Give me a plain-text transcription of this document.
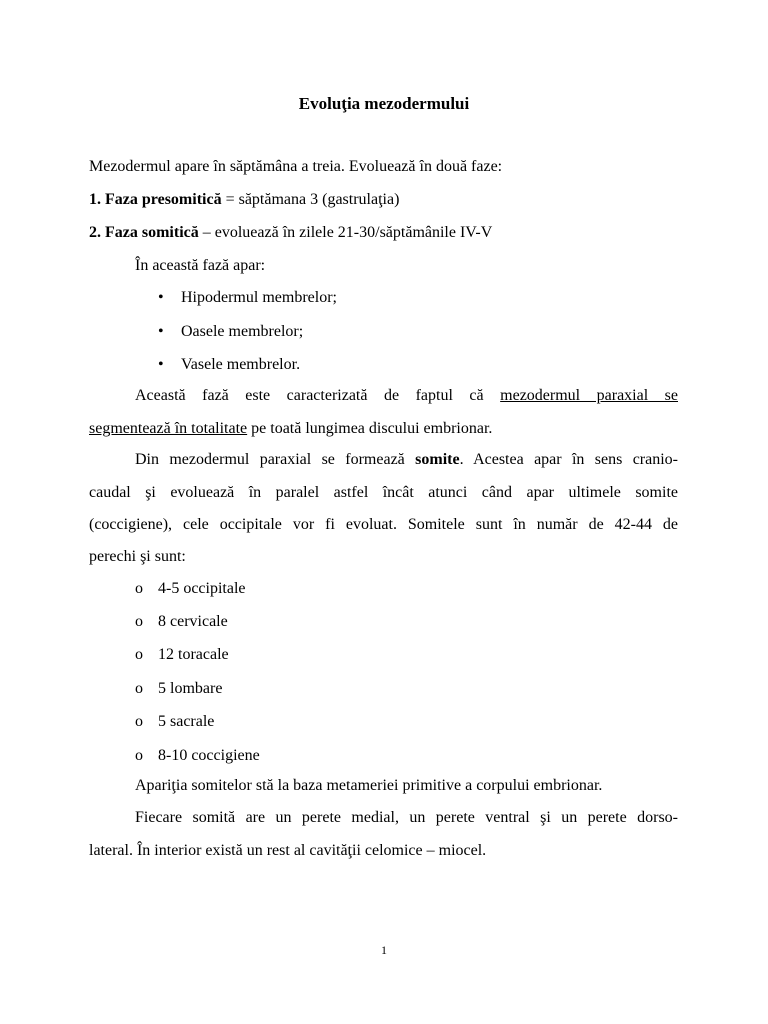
Evoluţia mezodermului
Mezodermul apare în săptămâna a treia. Evoluează în două faze:
1. Faza presomitică = săptămana 3 (gastrulaţia)
2. Faza somitică – evoluează în zilele 21-30/săptămânile IV-V
În această fază apar:
• Hipodermul membrelor;
• Oasele membrelor;
• Vasele membrelor.
Această fază este caracterizată de faptul că mezodermul paraxial se
segmentează în totalitate pe toată lungimea discului embrionar.
Din mezodermul paraxial se formează somite. Acestea apar în sens cranio-
caudal şi evoluează în paralel astfel încât atunci când apar ultimele somite
(coccigiene), cele occipitale vor fi evoluat. Somitele sunt în număr de 42-44 de
perechi şi sunt:
o 4-5 occipitale
o 8 cervicale
o 12 toracale
o 5 lombare
o 5 sacrale
o 8-10 coccigiene
Apariţia somitelor stă la baza metameriei primitive a corpului embrionar.
Fiecare somită are un perete medial, un perete ventral şi un perete dorso-
lateral. În interior există un rest al cavităţii celomice – miocel.
1
